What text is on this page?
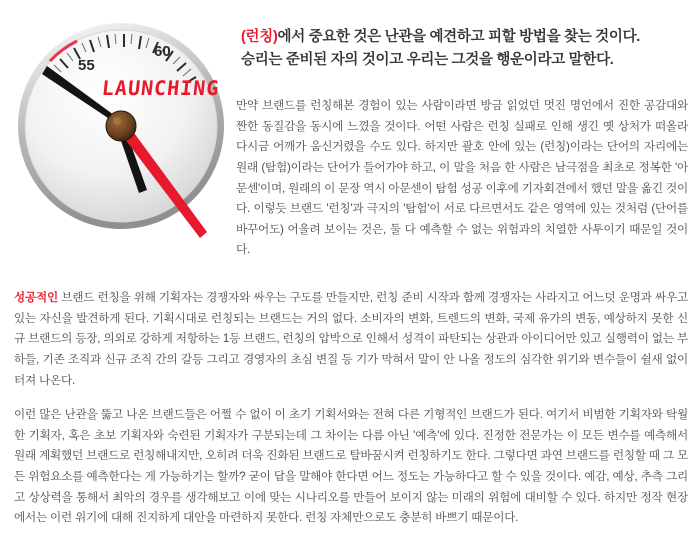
55
60
LAUNCHING
(런칭)에서 중요한 것은 난관을 예견하고 피할 방법을 찾는 것이다.
승리는 준비된 자의 것이고 우리는 그것을 행운이라고 말한다.

만약 브랜드를 런칭해본 경험이 있는 사람이라면 방금 읽었던 멋진 명언에서 진한 공감대와 짠한 동질감을 동시에 느꼈을 것이다. 어떤 사람은 런칭 실패로 인해 생긴 옛 상처가 떠올라 다시금 어깨가 움신거렸을 수도 있다. 하지만 괄호 안에 있는 (런칭)이라는 단어의 자리에는 원래 (탐험)이라는 단어가 들어가야 하고, 이 말을 처음 한 사람은 남극점을 최초로 정복한 '아문센'이며, 원래의 이 문장 역시 아문센이 탐험 성공 이후에 기자회견에서 했던 말을 옮긴 것이다. 이렇듯 브랜드 '런칭'과 극지의 '탐험'이 서로 다르면서도 같은 영역에 있는 것처럼 (단어를 바꾸어도) 어울려 보이는 것은, 둘 다 예측할 수 없는 위험과의 치열한 사투이기 때문일 것이다.

성공적인 브랜드 런칭을 위해 기획자는 경쟁자와 싸우는 구도를 만들지만, 런칭 준비 시작과 함께 경쟁자는 사라지고 어느덧 운명과 싸우고 있는 자신을 발견하게 된다. 기획시대로 런칭되는 브랜드는 거의 없다. 소비자의 변화, 트렌드의 변화, 국제 유가의 변동, 예상하지 못한 신규 브랜드의 등장, 의외로 강하게 저항하는 1등 브랜드, 런칭의 압박으로 인해서 성격이 파탄되는 상관과 아이디어만 있고 실행력이 없는 부하들, 기존 조직과 신규 조직 간의 갈등 그리고 경영자의 초심 변질 등 기가 막혀서 말이 안 나올 정도의 심각한 위기와 변수들이 쉴새 없이 터져 나온다.

이런 많은 난관을 뚫고 나온 브랜드들은 어쩔 수 없이 이 초기 기획서와는 전혀 다른 기형적인 브랜드가 된다. 여기서 비범한 기획자와 탁월한 기획자, 혹은 초보 기획자와 숙련된 기획자가 구분되는데 그 차이는 다름 아닌 '예측'에 있다. 진정한 전문가는 이 모든 변수를 예측해서 원래 계획했던 브랜드로 런칭해내지만, 오히려 더욱 진화된 브랜드로 탈바꿈시켜 런칭하기도 한다. 그렇다면 과연 브랜드를 런칭할 때 그 모든 위험요소를 예측한다는 게 가능하기는 할까? 굳이 답을 말해야 한다면 어느 정도는 가능하다고 할 수 있을 것이다. 예감, 예상, 추측 그리고 상상력을 통해서 최악의 경우를 생각해보고 이에 맞는 시나리오를 만들어 보이지 않는 미래의 위험에 대비할 수 있다. 하지만 정작 현장에서는 이런 위기에 대해 진지하게 대안을 마련하지 못한다. 런칭 자체만으로도 충분히 바쁘기 때문이다.
